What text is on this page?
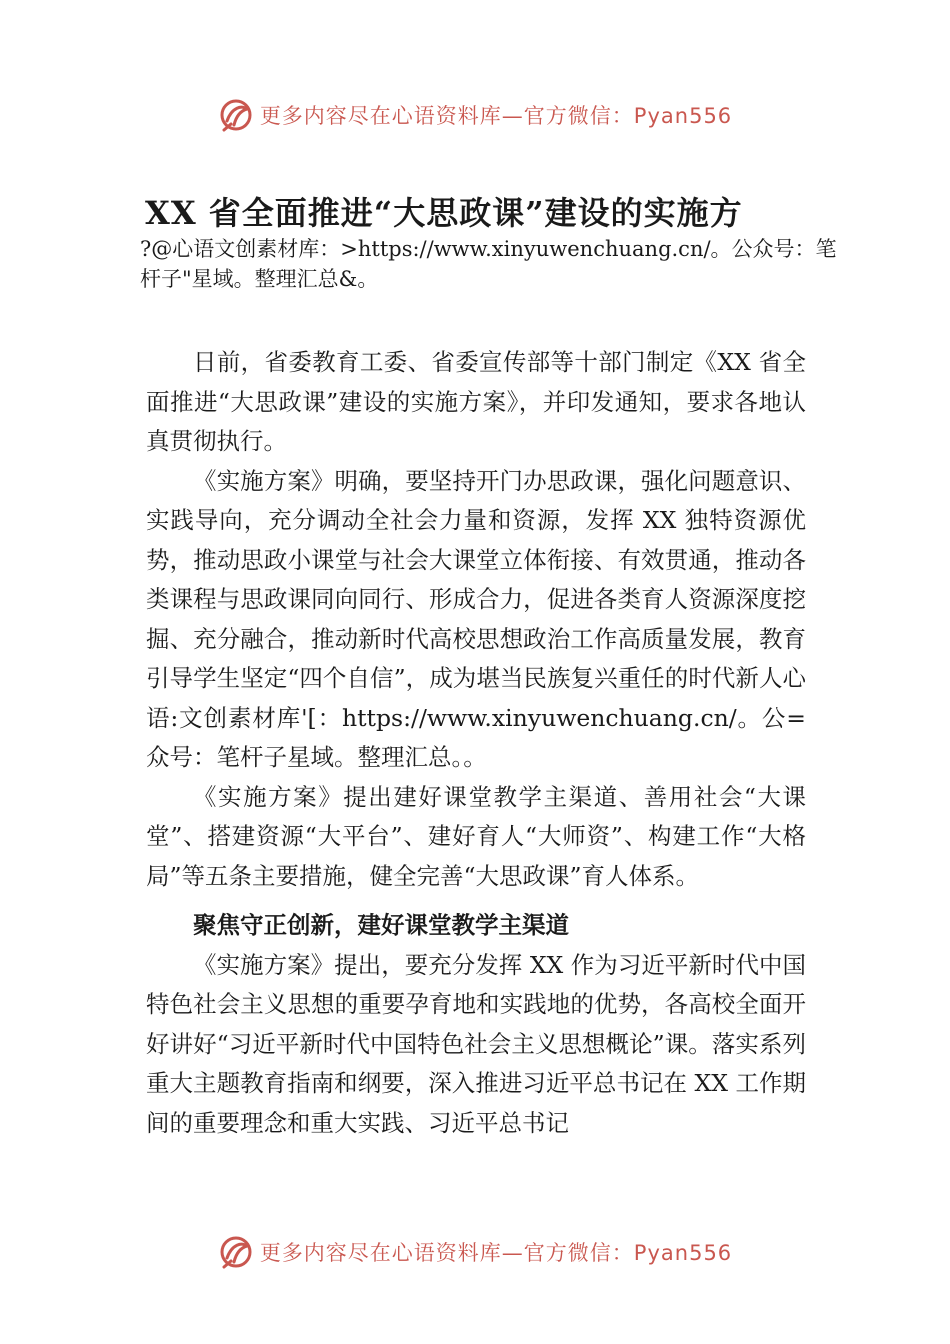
更多内容尽在心语资料库—官方微信：Pyan556
XX 省全面推进“大思政课”建设的实施方
?@心语文创素材库：>https://www.xinyuwenchuang.cn/。公众号：笔杆子"星域。整理汇总&。

日前，省委教育工委、省委宣传部等十部门制定《XX 省全面推进“大思政课”建设的实施方案》，并印发通知，要求各地认真贯彻执行。

《实施方案》明确，要坚持开门办思政课，强化问题意识、实践导向，充分调动全社会力量和资源，发挥 XX 独特资源优势，推动思政小课堂与社会大课堂立体衔接、有效贯通，推动各类课程与思政课同向同行、形成合力，促进各类育人资源深度挖掘、充分融合，推动新时代高校思想政治工作高质量发展，教育引导学生坚定“四个自信”，成为堪当民族复兴重任的时代新人心语:文创素材库'[：https://www.xinyuwenchuang.cn/。公=众号：笔杆子星域。整理汇总。。

《实施方案》提出建好课堂教学主渠道、善用社会“大课堂”、搭建资源“大平台”、建好育人“大师资”、构建工作“大格局”等五条主要措施，健全完善“大思政课”育人体系。

聚焦守正创新，建好课堂教学主渠道

《实施方案》提出，要充分发挥 XX 作为习近平新时代中国特色社会主义思想的重要孕育地和实践地的优势，各高校全面开好讲好“习近平新时代中国特色社会主义思想概论”课。落实系列重大主题教育指南和纲要，深入推进习近平总书记在 XX 工作期间的重要理念和重大实践、习近平总书记

更多内容尽在心语资料库—官方微信：Pyan556
